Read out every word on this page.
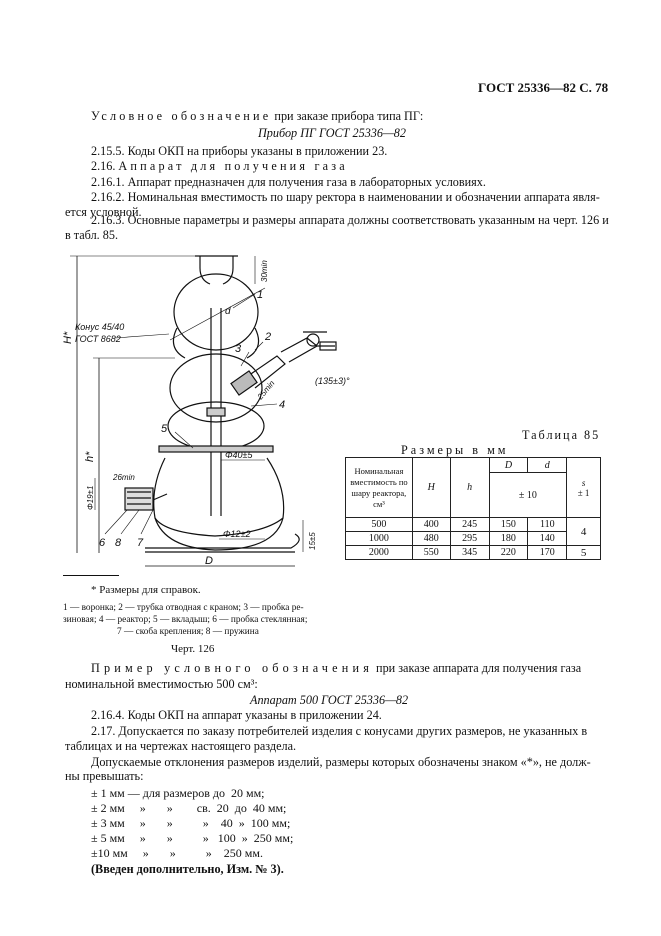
ГОСТ 25336—82 С. 78
Условное обозначение при заказе прибора типа ПГ:
Прибор ПГ ГОСТ 25336—82
2.15.5. Коды ОКП на приборы указаны в приложении 23.
2.16. Аппарат для получения газа
2.16.1. Аппарат предназначен для получения газа в лабораторных условиях.
2.16.2. Номинальная вместимость по шару ректора в наименовании и обозначении аппарата явля-
ется условной.
2.16.3. Основные параметры и размеры аппарата должны соответствовать указанным на черт. 126 и
в табл. 85.
H*
h*
30min
d
Конус 45/40
ГОСТ 8682
25min	(135±3)°
Φ40±5
Φ12±2
Φ19±1
26min
15±5
D
1
2
3
4
5
6 8 7
Таблица 85
Размеры в мм
Номинальная вместимость по шару реактора, см³	H	h	D	d	s
± 1

			± 10		
500	400	245	150	110	4
1000	480	295	180	140	
2000	550	345	220	170	5
* Размеры для справок.
1 — воронка; 2 — трубка отводная с краном; 3 — пробка ре-
зиновая; 4 — реактор; 5 — вкладыш; 6 — пробка стеклянная;
7 — скоба крепления; 8 — пружина
Черт. 126
Пример условного обозначения при заказе аппарата для получения газа
номинальной вместимостью 500 см³:
Аппарат 500 ГОСТ 25336—82
2.16.4. Коды ОКП на аппарат указаны в приложении 24.
2.17. Допускается по заказу потребителей изделия с конусами других размеров, не указанных в
таблицах и на чертежах настоящего раздела.
Допускаемые отклонения размеров изделий, размеры которых обозначены знаком «*», не долж-
ны превышать:
± 1 мм — для размеров до  20 мм;
± 2 мм     »       »        св.  20  до  40 мм;
± 3 мм     »       »          »    40  »  100 мм;
± 5 мм     »       »          »   100  »  250 мм;
±10 мм     »       »          »    250 мм.
(Введен дополнительно, Изм. № 3).
